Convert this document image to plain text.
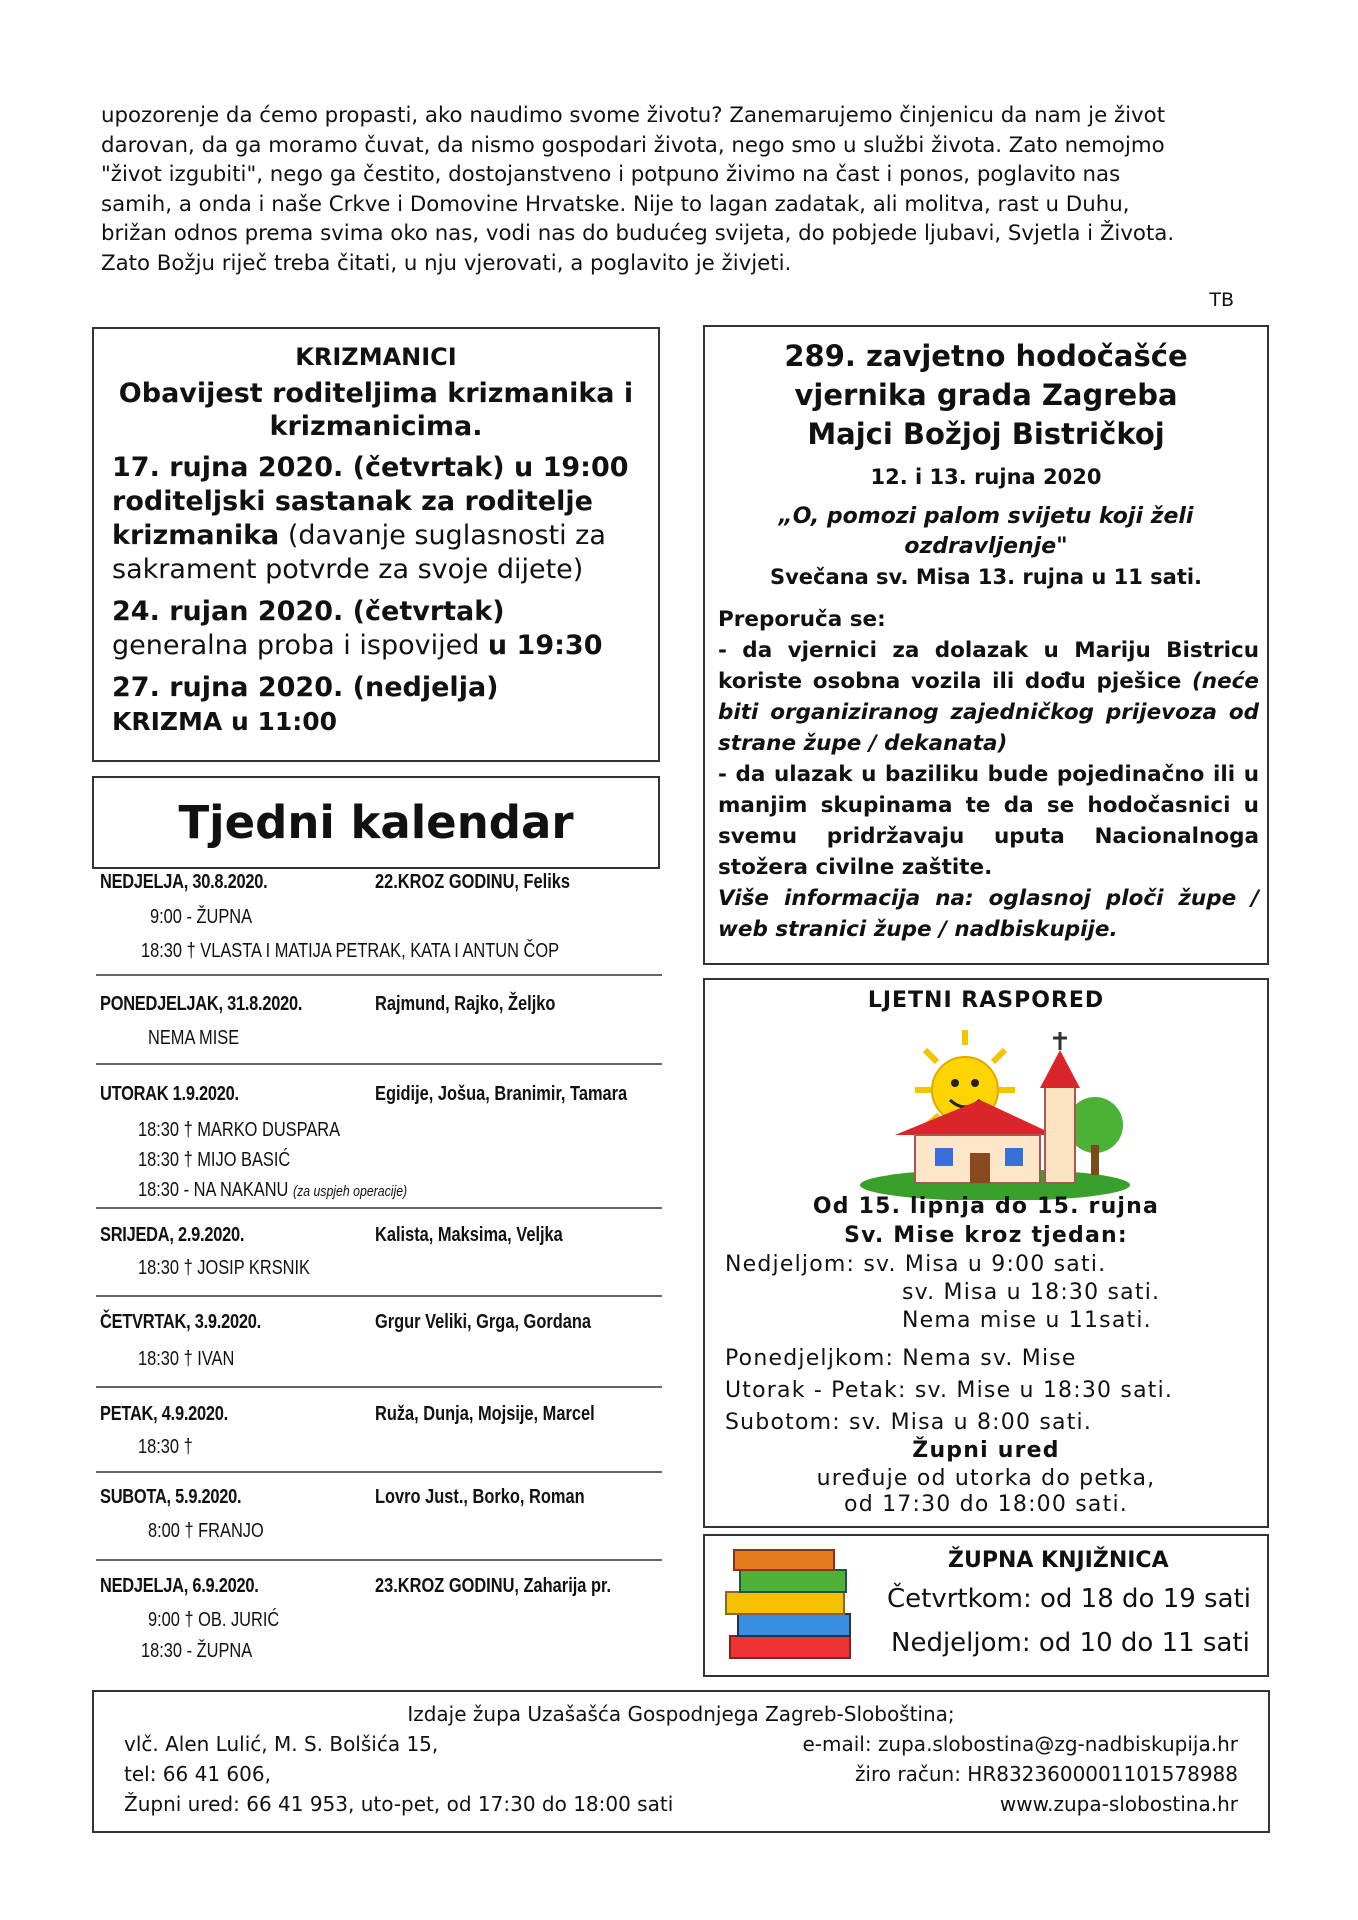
upozorenje da ćemo propasti, ako naudimo svome životu? Zanemarujemo činjenicu da nam je život
darovan, da ga moramo čuvat, da nismo gospodari života, nego smo u službi života. Zato nemojmo
"život izgubiti", nego ga čestito, dostojanstveno i potpuno živimo na čast i ponos, poglavito nas
samih, a onda i naše Crkve i Domovine Hrvatske. Nije to lagan zadatak, ali molitva, rast u Duhu,
brižan odnos prema svima oko nas, vodi nas do budućeg svijeta, do pobjede ljubavi, Svjetla i Života.
Zato Božju riječ treba čitati, u nju vjerovati, a poglavito je živjeti.
TB
KRIZMANICI
Obavijest roditeljima krizmanika i krizmanicima.
17. rujna 2020. (četvrtak) u 19:00 roditeljski sastanak za roditelje krizmanika (davanje suglasnosti za sakrament potvrde za svoje dijete)
24. rujan 2020. (četvrtak)
generalna proba i ispovijed u 19:30
27. rujna 2020. (nedjelja)
KRIZMA u 11:00
Tjedni kalendar
NEDJELJA, 30.8.2020.	22.KROZ GODINU, Feliks
9:00 - ŽUPNA
18:30 † VLASTA I MATIJA PETRAK, KATA I ANTUN ČOP
PONEDJELJAK, 31.8.2020.	Rajmund, Rajko, Željko
NEMA MISE
UTORAK 1.9.2020.	Egidije, Jošua, Branimir, Tamara
18:30 † MARKO DUSPARA
18:30 † MIJO BASIĆ
18:30 - NA NAKANU (za uspjeh operacije)
SRIJEDA, 2.9.2020.	Kalista, Maksima, Veljka
18:30 † JOSIP KRSNIK
ČETVRTAK, 3.9.2020.	Grgur Veliki, Grga, Gordana
18:30 † IVAN
PETAK, 4.9.2020.	Ruža, Dunja, Mojsije, Marcel
18:30 †
SUBOTA, 5.9.2020.	Lovro Just., Borko, Roman
8:00 † FRANJO
NEDJELJA, 6.9.2020.	23.KROZ GODINU, Zaharija pr.
9:00 † OB. JURIĆ
18:30 - ŽUPNA
289. zavjetno hodočašće vjernika grada Zagreba Majci Božjoj Bistričkoj
12. i 13. rujna 2020
„O, pomozi palom svijetu koji želi ozdravljenje"
Svečana sv. Misa 13. rujna u 11 sati.
Preporuča se:
- da vjernici za dolazak u Mariju Bistricu koriste osobna vozila ili dođu pješice (neće biti organiziranog zajedničkog prijevoza od strane župe / dekanata)
- da ulazak u baziliku bude pojedinačno ili u manjim skupinama te da se hodočasnici u svemu pridržavaju uputa Nacionalnoga stožera civilne zaštite.
Više informacija na: oglasnoj ploči župe / web stranici župe / nadbiskupije.
LJETNI RASPORED
Od 15. lipnja do 15. rujna
Sv. Mise kroz tjedan:
Nedjeljom: sv. Misa u 9:00 sati.
sv. Misa u 18:30 sati.
Nema mise u 11sati.
Ponedjeljkom: Nema sv. Mise
Utorak - Petak: sv. Mise u 18:30 sati.
Subotom: sv. Misa u 8:00 sati.
Župni ured
uređuje od utorka do petka,
od 17:30 do 18:00 sati.
ŽUPNA KNJIŽNICA
Četvrtkom: od 18 do 19 sati
Nedjeljom: od 10 do 11 sati
Izdaje župa Uzašašća Gospodnjega Zagreb-Sloboština;
vlč. Alen Lulić, M. S. Bolšića 15,	e-mail: zupa.slobostina@zg-nadbiskupija.hr
tel: 66 41 606,	žiro račun: HR8323600001101578988
Župni ured: 66 41 953, uto-pet, od 17:30 do 18:00 sati	www.zupa-slobostina.hr
